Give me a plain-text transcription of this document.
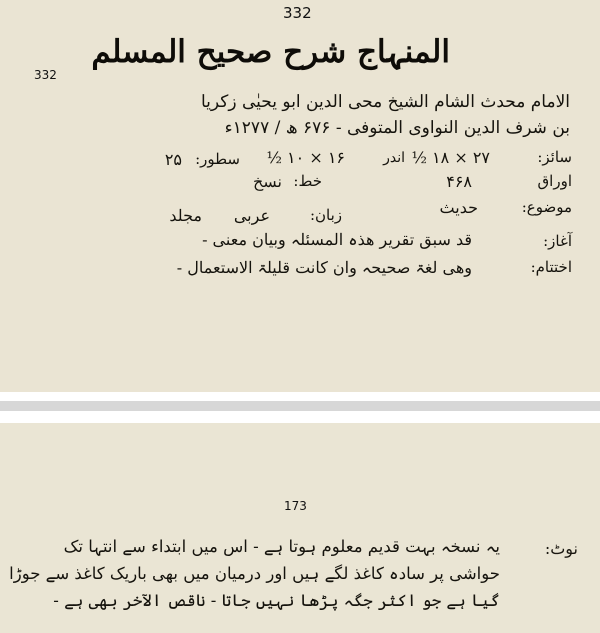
332
332
المنہاج شرح صحیح المسلم
الامام محدث الشام الشیخ محی الدین ابو یحیٰی زکریا
بن شرف الدین النواوی المتوفی - ۶۷۶ ھ / ۱۲۷۷ء
سائز:
۲۷ × ۱۸ ½
اندر
۱۶ × ۱۰ ½
سطور:
۲۵
اوراق
۴۶۸
خط:
نسخ
موضوع:
حدیث
زبان:
عربی
مجلد
آغاز:
قد سبق تقریر ھذہ المسئلہ وبیان معنی -
اختتام:
وھی لغۃ صحیحہ وان کانت قلیلۃ الاستعمال -
173
نوٹ:
یہ نسخہ بہت قدیم معلوم ہوتا ہے - اس میں ابتداء سے انتہا تک
حواشی پر سادہ کاغذ لگے ہیں اور درمیان میں بھی باریک کاغذ سے جوڑا
گیا ہے جو اکثر جگہ پڑھا نہیں جاتا - ناقص الآخر بھی ہے -
